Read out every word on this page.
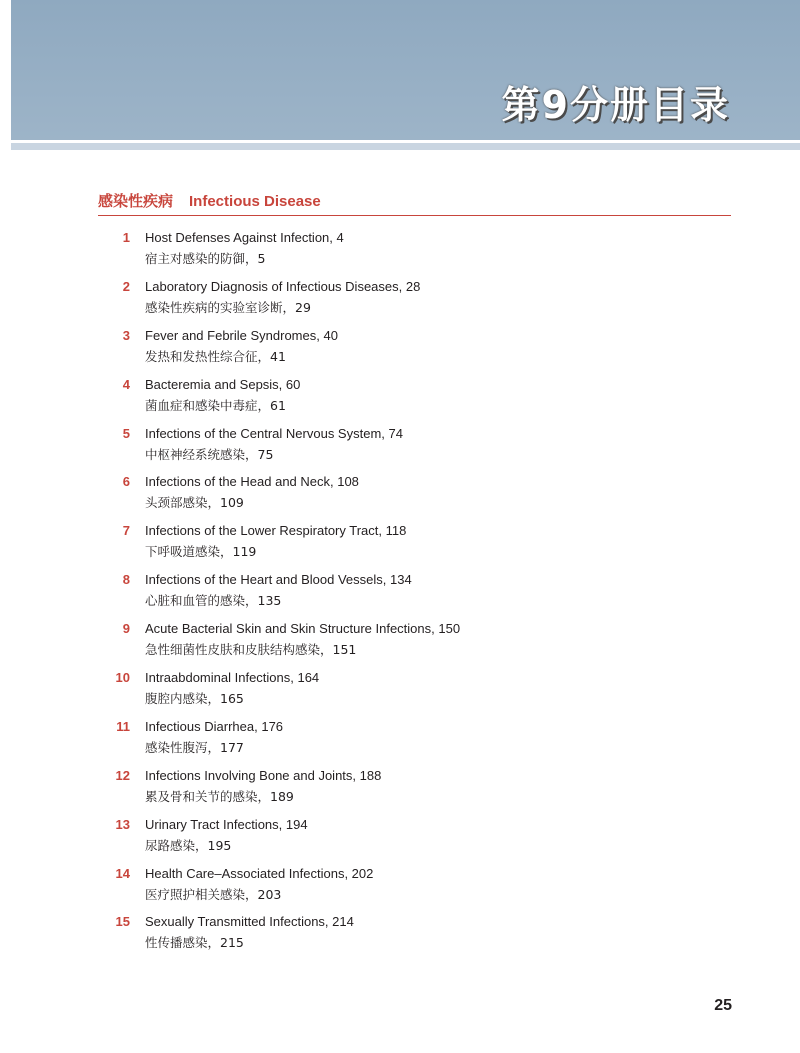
第9分册目录
感染性疾病 Infectious Disease
1 Host Defenses Against Infection, 4
宿主对感染的防御，5
2 Laboratory Diagnosis of Infectious Diseases, 28
感染性疾病的实验室诊断，29
3 Fever and Febrile Syndromes, 40
发热和发热性综合征，41
4 Bacteremia and Sepsis, 60
菌血症和感染中毒症，61
5 Infections of the Central Nervous System, 74
中枢神经系统感染，75
6 Infections of the Head and Neck, 108
头颈部感染，109
7 Infections of the Lower Respiratory Tract, 118
下呼吸道感染，119
8 Infections of the Heart and Blood Vessels, 134
心脏和血管的感染，135
9 Acute Bacterial Skin and Skin Structure Infections, 150
急性细菌性皮肤和皮肤结构感染，151
10 Intraabdominal Infections, 164
腹腔内感染，165
11 Infectious Diarrhea, 176
感染性腹泻，177
12 Infections Involving Bone and Joints, 188
累及骨和关节的感染，189
13 Urinary Tract Infections, 194
尿路感染，195
14 Health Care–Associated Infections, 202
医疗照护相关感染，203
15 Sexually Transmitted Infections, 214
性传播感染，215
25
